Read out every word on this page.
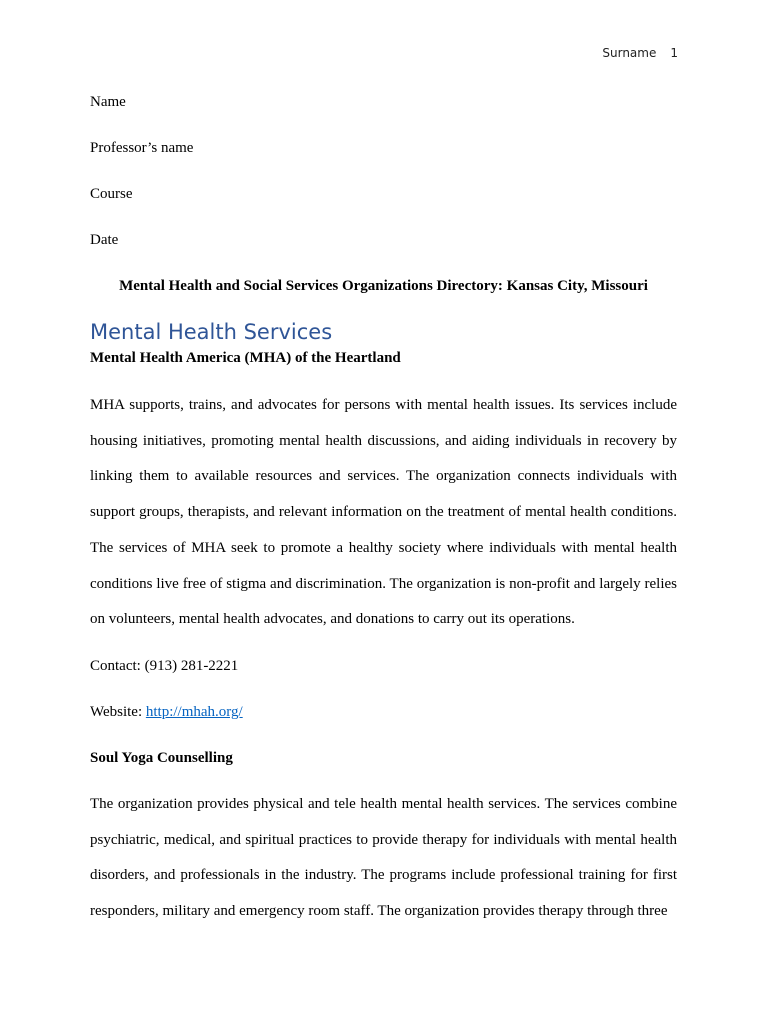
Surname 1
Name
Professor’s name
Course
Date
Mental Health and Social Services Organizations Directory: Kansas City, Missouri
Mental Health Services
Mental Health America (MHA) of the Heartland

MHA supports, trains, and advocates for persons with mental health issues. Its services include housing initiatives, promoting mental health discussions, and aiding individuals in recovery by linking them to available resources and services. The organization connects individuals with support groups, therapists, and relevant information on the treatment of mental health conditions. The services of MHA seek to promote a healthy society where individuals with mental health conditions live free of stigma and discrimination. The organization is non-profit and largely relies on volunteers, mental health advocates, and donations to carry out its operations.

Contact: (913) 281-2221
Website: http://mhah.org/
Soul Yoga Counselling

The organization provides physical and tele health mental health services. The services combine psychiatric, medical, and spiritual practices to provide therapy for individuals with mental health disorders, and professionals in the industry. The programs include professional training for first responders, military and emergency room staff. The organization provides therapy through three
